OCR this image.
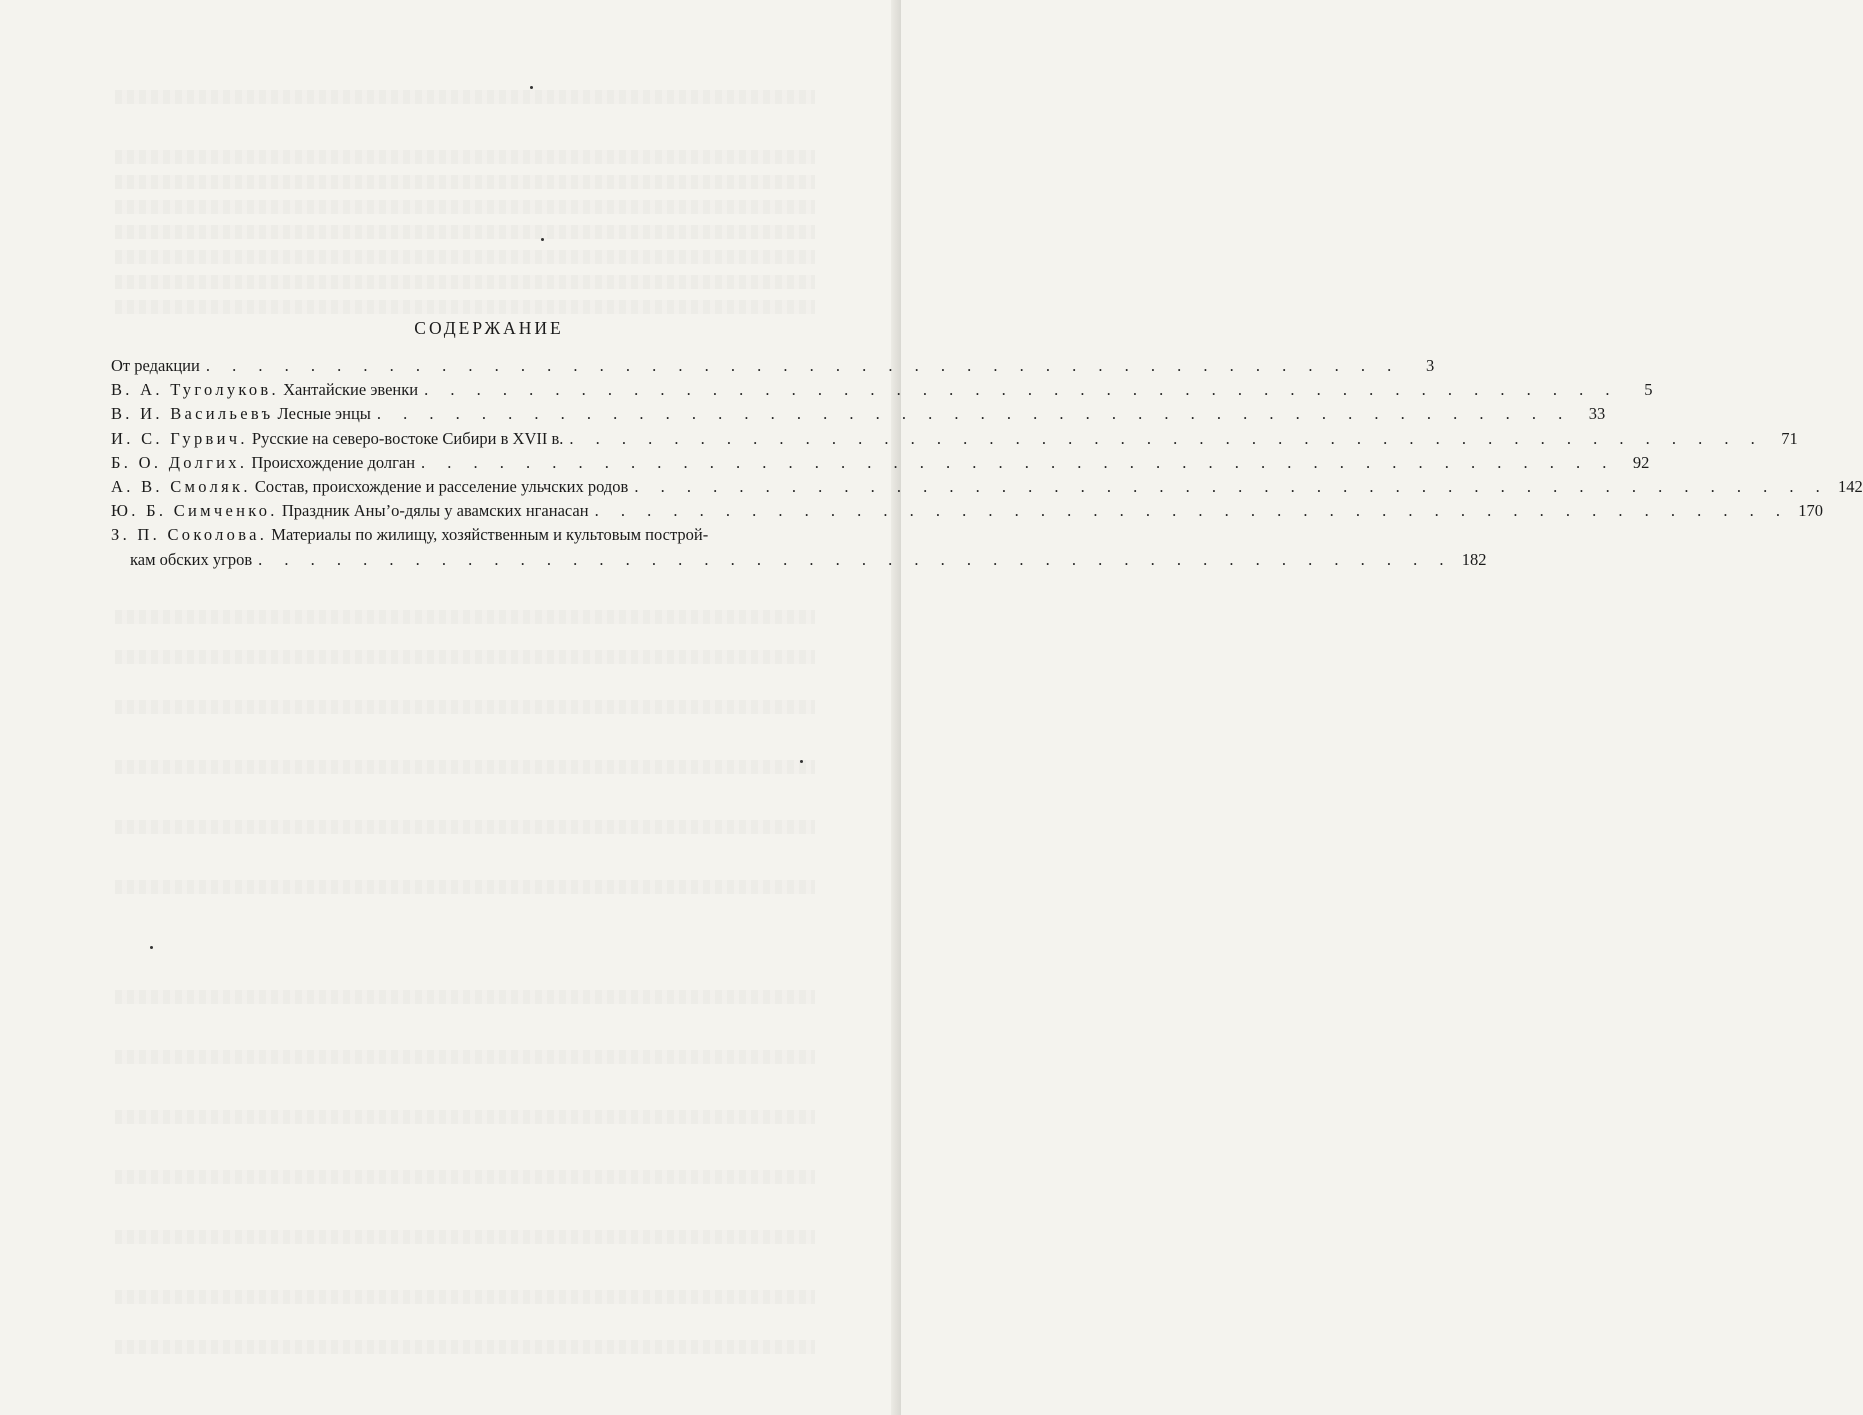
СОДЕРЖАНИЕ
От редакции . . . . . . . . . . . . . . . . . . . . . . . . . . . . . . . . . . . . . . . . . . . . . .	3
В. А. Туголуков. Хантайские эвенки . . . . . . . . . . . . . . . . . . . . . . . . . . . . . . . . . . . . . . . . . . . . . .	5
В. И. Васильевъ Лесные энцы . . . . . . . . . . . . . . . . . . . . . . . . . . . . . . . . . . . . . . . . . . . . . .	33
И. С. Гурвич. Русские на северо-востоке Сибири в XVII в. . . . . . . . . . . . . . . . . . . . . . . . . . . . . . . . . . . . . . . . . . . . . . .	71
Б. О. Долгих. Происхождение долган . . . . . . . . . . . . . . . . . . . . . . . . . . . . . . . . . . . . . . . . . . . . . .	92
А. В. Смоляк. Состав, происхождение и расселение ульчских родов . . . . . . . . . . . . . . . . . . . . . . . . . . . . . . . . . . . . . . . . . . . . . . 142
Ю. Б. Симченко. Праздник Аны’о-дялы у авамских нганасан . . . . . . . . . . . . . . . . . . . . . . . . . . . . . . . . . . . . . . . . . . . . . . 170
З. П. Соколова. Материалы по жилищу, хозяйственным и культовым построй-
кам обских угров . . . . . . . . . . . . . . . . . . . . . . . . . . . . . . . . . . . . . . . . . . . . . . 182
